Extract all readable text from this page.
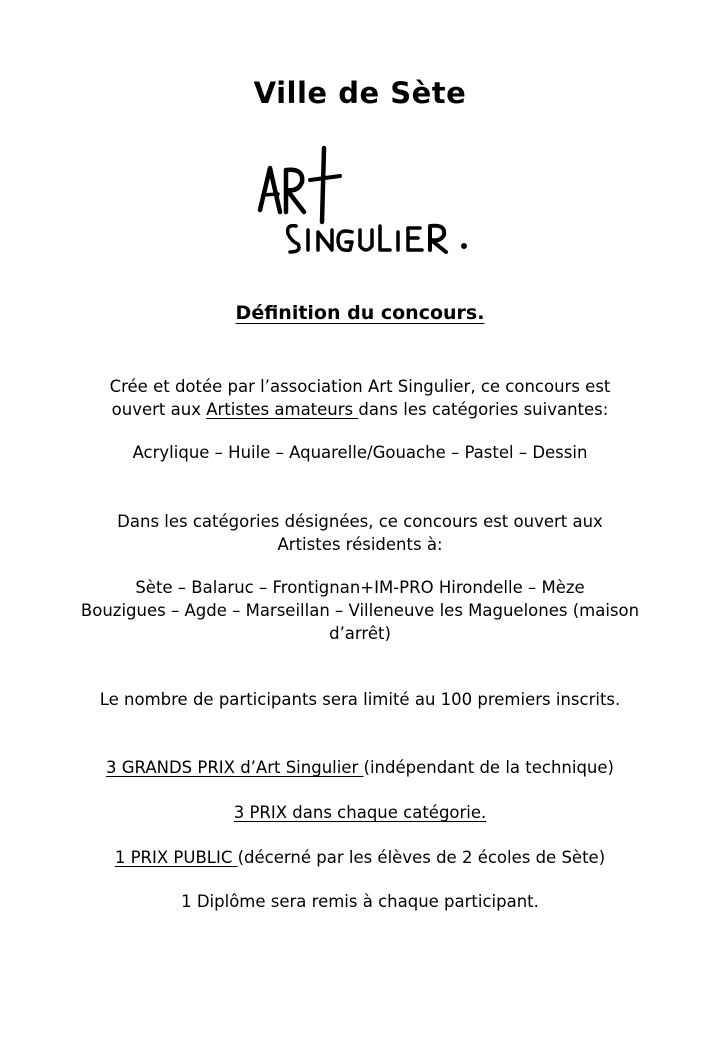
Ville de Sète
Définition du concours.
Crée et dotée par l’association Art Singulier, ce concours est
ouvert aux Artistes amateurs dans les catégories suivantes:
Acrylique – Huile – Aquarelle/Gouache – Pastel – Dessin
Dans les catégories désignées, ce concours est ouvert aux
Artistes résidents à:
Sète – Balaruc – Frontignan+IM-PRO Hirondelle – Mèze
Bouzigues – Agde – Marseillan – Villeneuve les Maguelones (maison
d’arrêt)
Le nombre de participants sera limité au 100 premiers inscrits.
3 GRANDS PRIX d’Art Singulier (indépendant de la technique)
3 PRIX dans chaque catégorie.
1 PRIX PUBLIC (décerné par les élèves de 2 écoles de Sète)
1 Diplôme sera remis à chaque participant.
